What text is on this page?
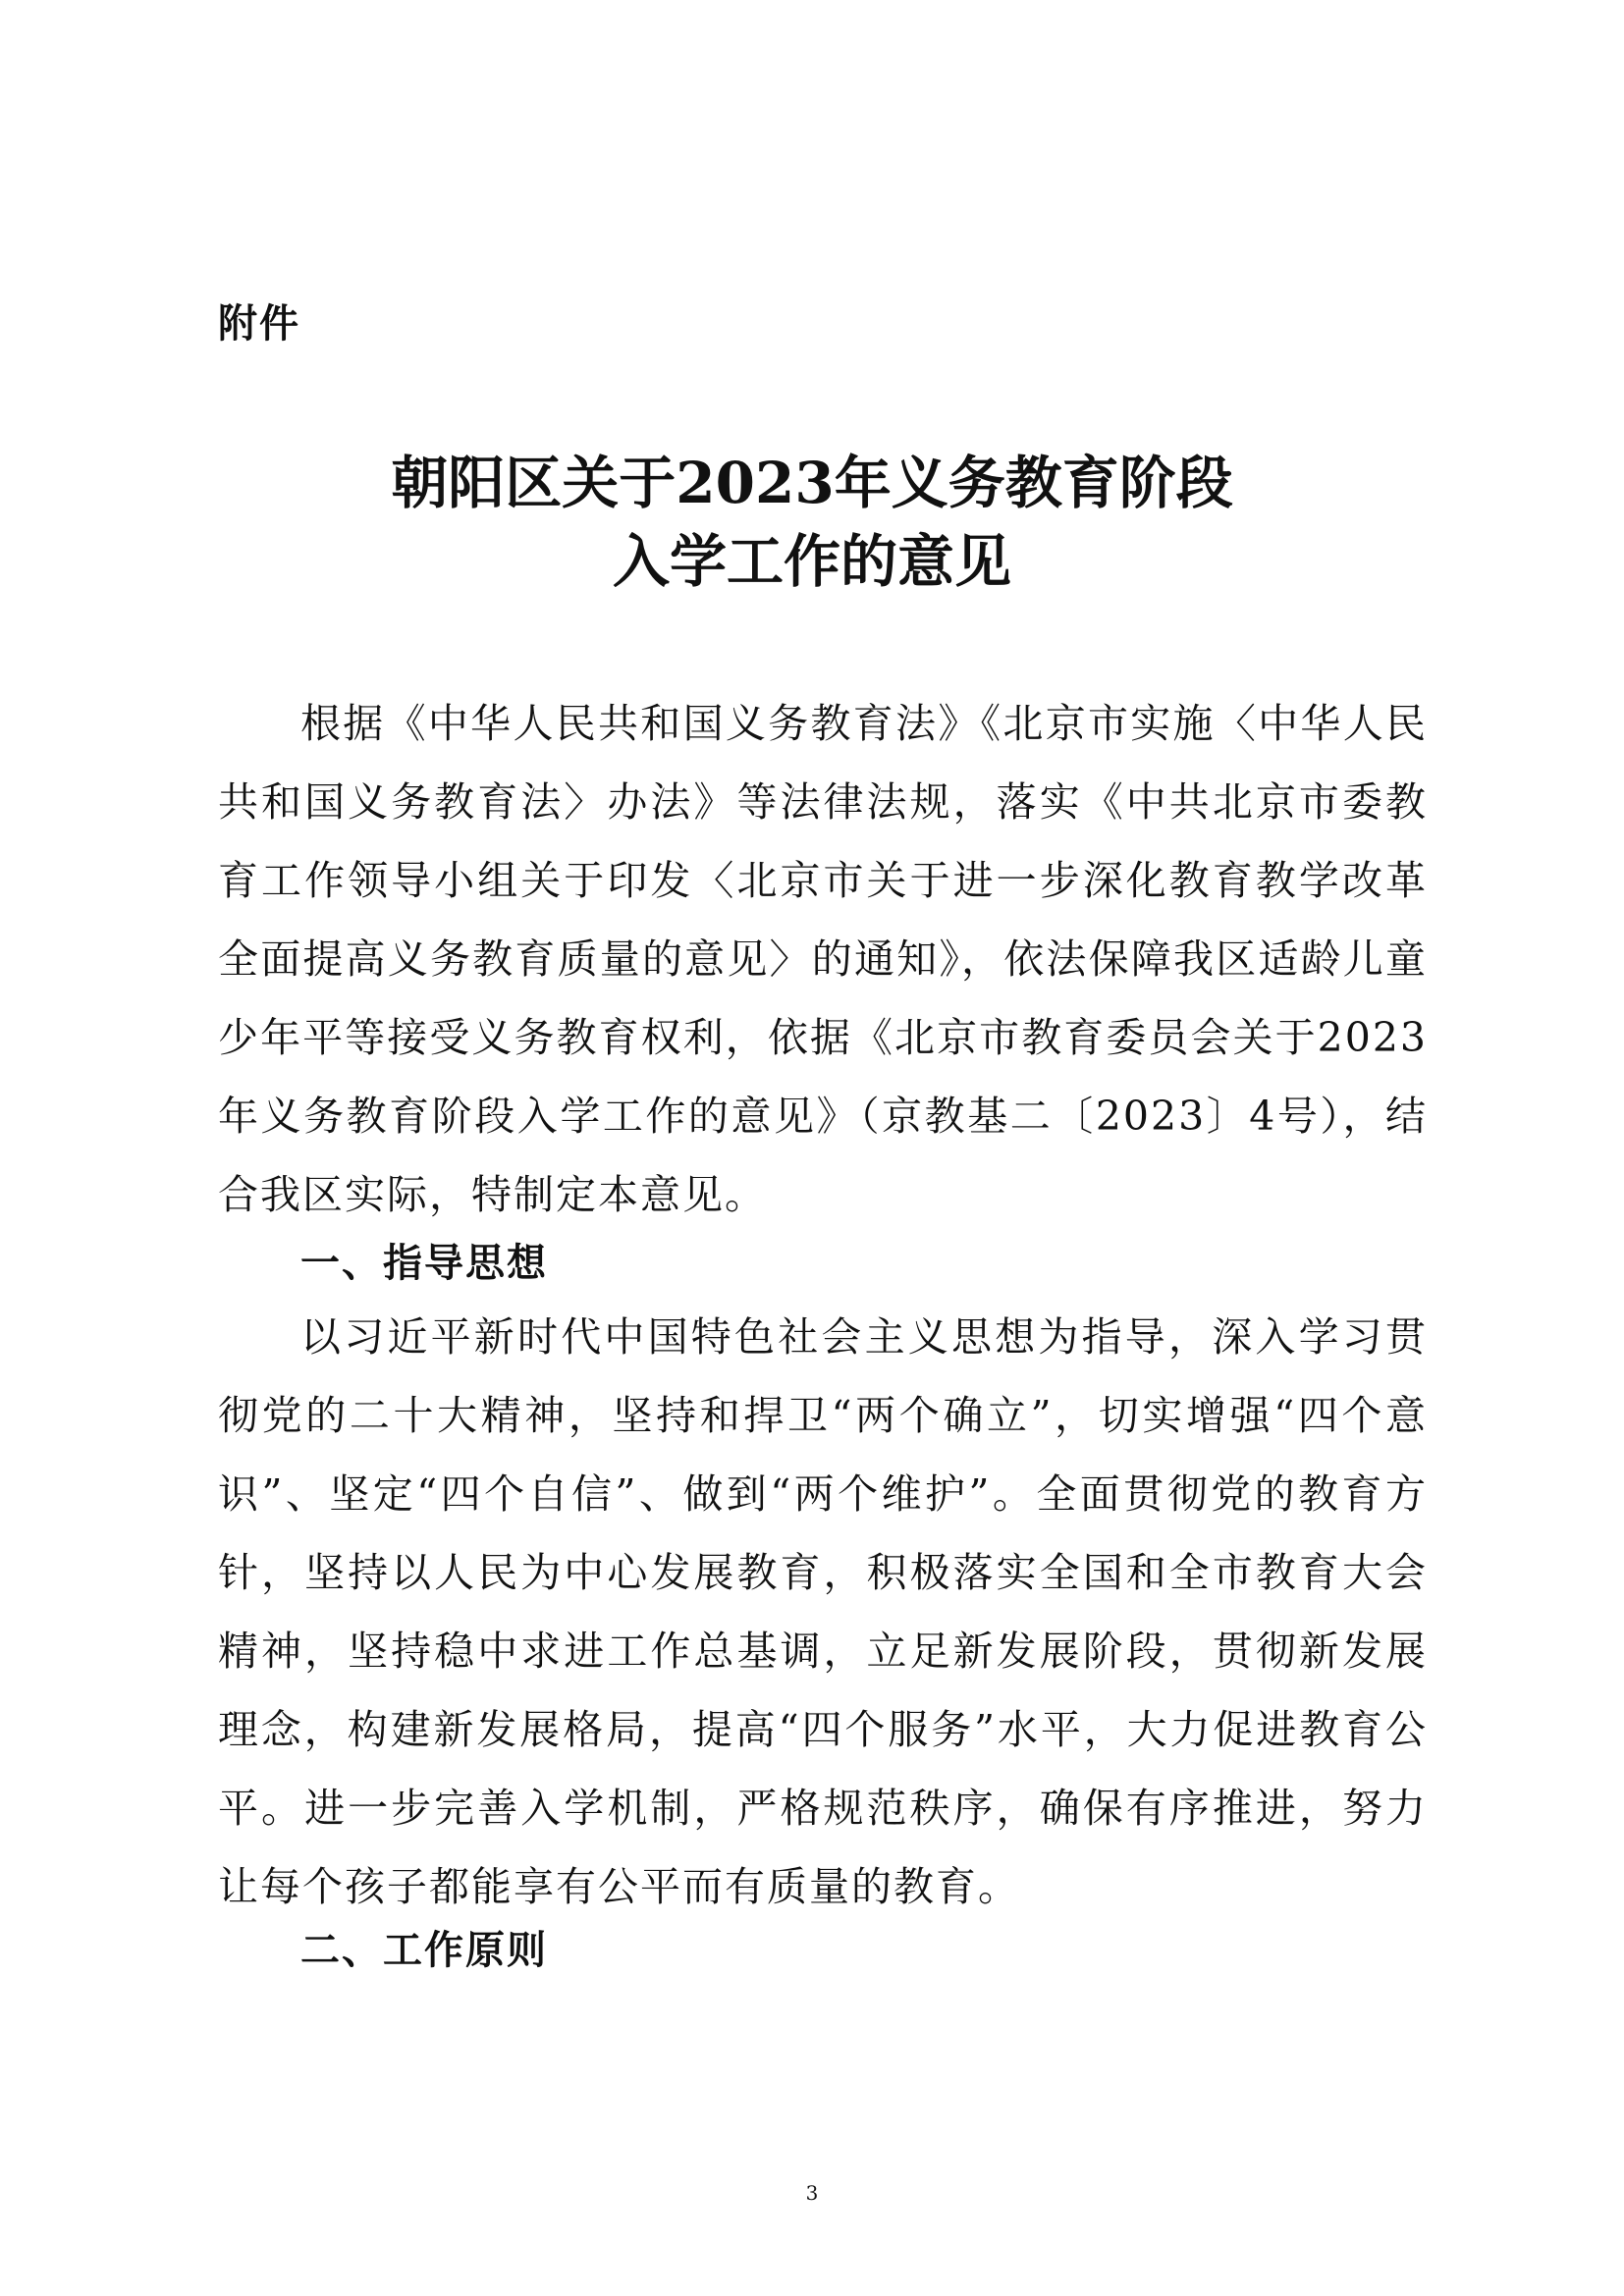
附件
朝阳区关于2023年义务教育阶段
入学工作的意见

根据《中华人民共和国义务教育法》《北京市实施〈中华人民共和国义务教育法〉办法》等法律法规，落实《中共北京市委教育工作领导小组关于印发〈北京市关于进一步深化教育教学改革全面提高义务教育质量的意见〉的通知》，依法保障我区适龄儿童少年平等接受义务教育权利，依据《北京市教育委员会关于2023年义务教育阶段入学工作的意见》（京教基二〔2023〕4号），结合我区实际，特制定本意见。

一、指导思想

以习近平新时代中国特色社会主义思想为指导，深入学习贯彻党的二十大精神，坚持和捍卫“两个确立”，切实增强“四个意识”、坚定“四个自信”、做到“两个维护”。全面贯彻党的教育方针，坚持以人民为中心发展教育，积极落实全国和全市教育大会精神，坚持稳中求进工作总基调，立足新发展阶段，贯彻新发展理念，构建新发展格局，提高“四个服务”水平，大力促进教育公平。进一步完善入学机制，严格规范秩序，确保有序推进，努力让每个孩子都能享有公平而有质量的教育。

二、工作原则
3
